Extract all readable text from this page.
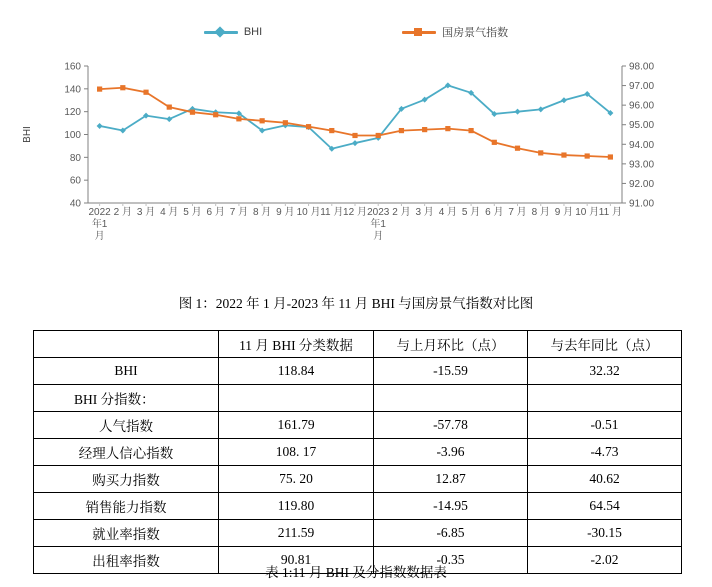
BHI	国房景气指数
40
60
80
100
120
140
160
91.00
92.00
93.00
94.00
95.00
96.00
97.00
98.00
BHI
2022 年1 月
2 月 3 月 4 月 5 月 6 月 7 月 8 月 9 月 10 月 11 月 12 月 2023 年1 月
2 月 3 月 4 月 5 月 6 月 7 月 8 月 9 月 10 月 11 月
图 1：2022 年 1 月-2023 年 11 月 BHI 与国房景气指数对比图
	11 月 BHI 分类数据	与上月环比（点）	与去年同比（点）
BHI	118.84	-15.59	32.32
BHI 分指数：			
人气指数	161.79	-57.78	-0.51
经理人信心指数	108. 17	-3.96	-4.73
购买力指数	75. 20	12.87	40.62
销售能力指数	119.80	-14.95	64.54
就业率指数	211.59	-6.85	-30.15
出租率指数	90.81	-0.35	-2.02
表 1:11 月 BHI 及分指数数据表
